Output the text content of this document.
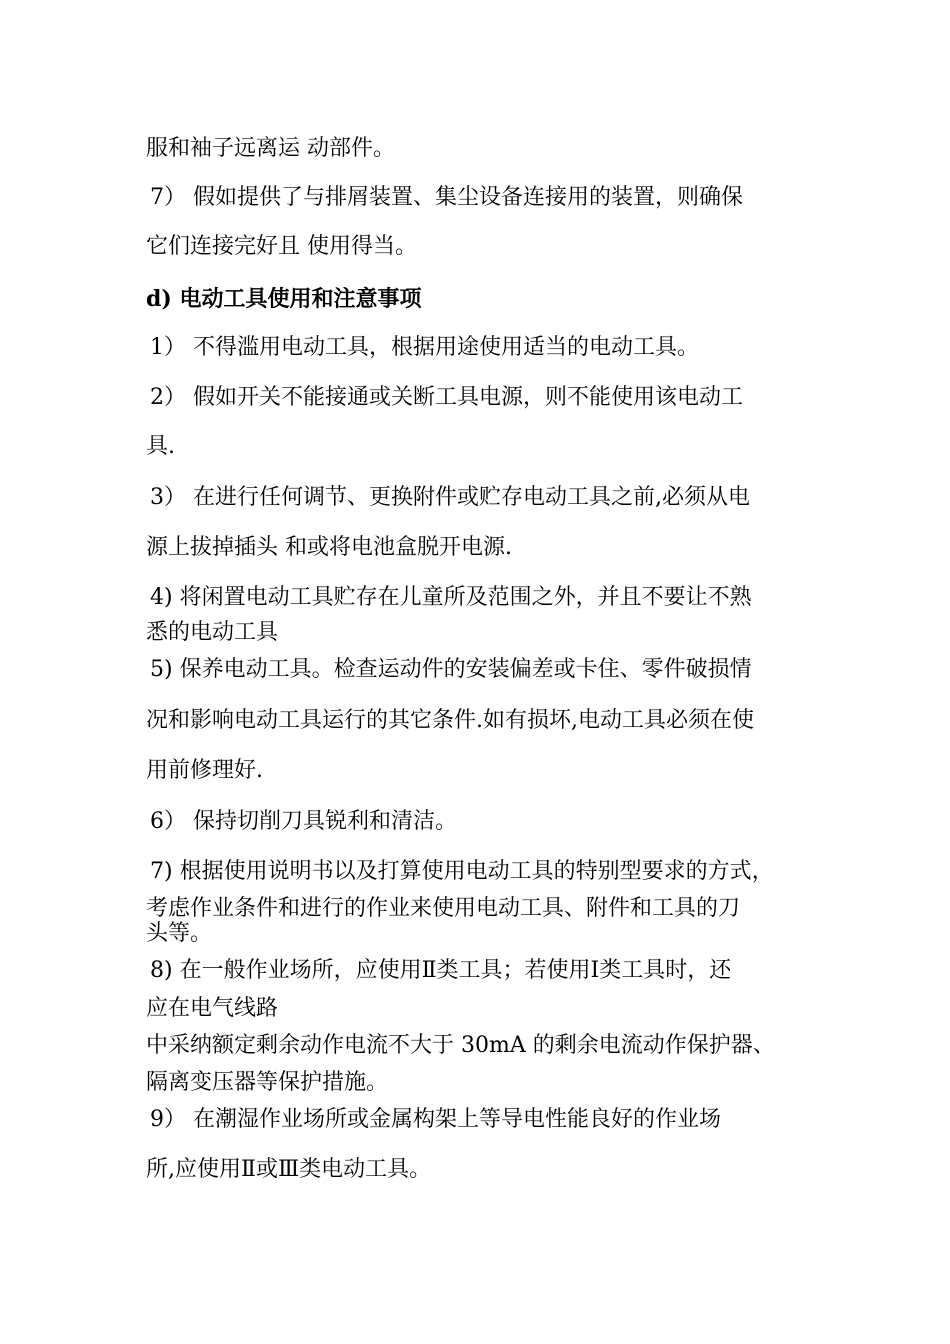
服和袖子远离运 动部件。

7） 假如提供了与排屑装置、集尘设备连接用的装置，则确保

它们连接完好且 使用得当。

d) 电动工具使用和注意事项

1） 不得滥用电动工具，根据用途使用适当的电动工具。

2） 假如开关不能接通或关断工具电源，则不能使用该电动工

具.

3） 在进行任何调节、更换附件或贮存电动工具之前,必须从电

源上拔掉插头 和或将电池盒脱开电源.

4) 将闲置电动工具贮存在儿童所及范围之外，并且不要让不熟

悉的电动工具

5) 保养电动工具。检查运动件的安装偏差或卡住、零件破损情

况和影响电动工具运行的其它条件.如有损坏,电动工具必须在使

用前修理好.

6） 保持切削刀具锐利和清洁。

7) 根据使用说明书以及打算使用电动工具的特别型要求的方式，

考虑作业条件和进行的作业来使用电动工具、附件和工具的刀

头等。

8) 在一般作业场所，应使用Ⅱ类工具；若使用Ⅰ类工具时，还

应在电气线路

中采纳额定剩余动作电流不大于 30mA 的剩余电流动作保护器、

隔离变压器等保护措施。

9） 在潮湿作业场所或金属构架上等导电性能良好的作业场

所,应使用Ⅱ或Ⅲ类电动工具。
